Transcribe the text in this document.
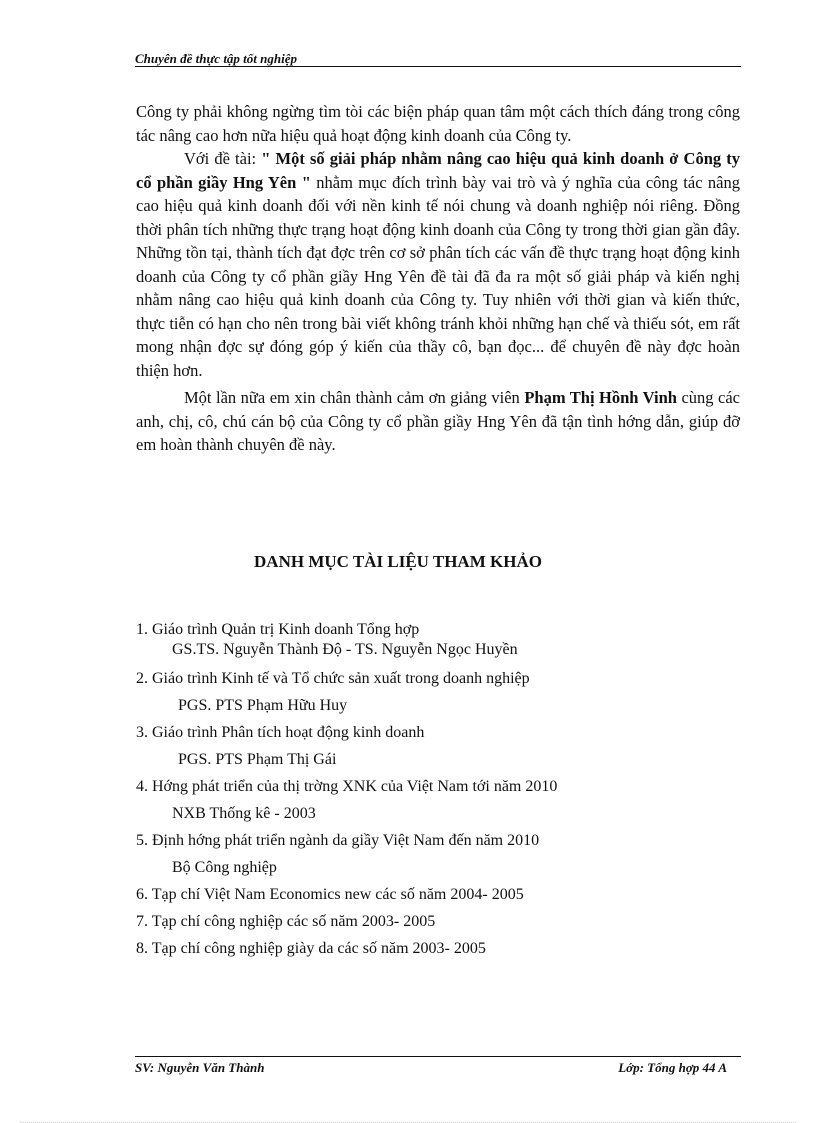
Chuyên đề thực tập tốt nghiệp

Công ty phải không ngừng tìm tòi các biện pháp quan tâm một cách thích đáng trong công tác nâng cao hơn nữa hiệu quả hoạt động kinh doanh của Công ty.

Với đề tài: " Một số giải pháp nhằm nâng cao hiệu quả kinh doanh ở Công ty cổ phần giầy Hng Yên " nhằm mục đích trình bày vai trò và ý nghĩa của công tác nâng cao hiệu quả kinh doanh đối với nền kinh tế nói chung và doanh nghiệp nói riêng. Đồng thời phân tích những thực trạng hoạt động kinh doanh của Công ty trong thời gian gần đây. Những tồn tại, thành tích đạt đợc trên cơ sở phân tích các vấn đề thực trạng hoạt động kinh doanh của Công ty cổ phần giầy Hng Yên đề tài đã đa ra một số giải pháp và kiến nghị nhằm nâng cao hiệu quả kinh doanh của Công ty. Tuy nhiên với thời gian và kiến thức, thực tiễn có hạn cho nên trong bài viết không tránh khỏi những hạn chế và thiếu sót, em rất mong nhận đợc sự đóng góp ý kiến của thầy cô, bạn đọc... để chuyên đề này đợc hoàn thiện hơn.

Một lần nữa em xin chân thành cảm ơn giảng viên Phạm Thị Hồnh Vinh cùng các anh, chị, cô, chú cán bộ của Công ty cổ phần giầy Hng Yên đã tận tình hớng dẫn, giúp đỡ em hoàn thành chuyên đề này.

DANH MỤC TÀI LIỆU THAM KHẢO
1. Giáo trình Quản trị Kinh doanh Tổng hợp
GS.TS. Nguyễn Thành Độ - TS. Nguyễn Ngọc Huyền
2. Giáo trình Kinh tế và Tổ chức sản xuất trong doanh nghiệp
PGS. PTS Phạm Hữu Huy
3. Giáo trình Phân tích hoạt động kinh doanh
PGS. PTS Phạm Thị Gái
4. Hớng phát triển của thị trờng XNK của Việt Nam tới năm 2010
NXB Thống kê - 2003
5. Định hớng phát triển ngành da giầy Việt Nam đến năm 2010
Bộ Công nghiệp
6. Tạp chí Việt Nam Economics new các số năm 2004- 2005
7. Tạp chí công nghiệp các số năm 2003- 2005
8. Tạp chí công nghiệp giày da các số năm 2003- 2005
SV: Nguyễn Văn Thành	Lớp: Tổng hợp 44 A
